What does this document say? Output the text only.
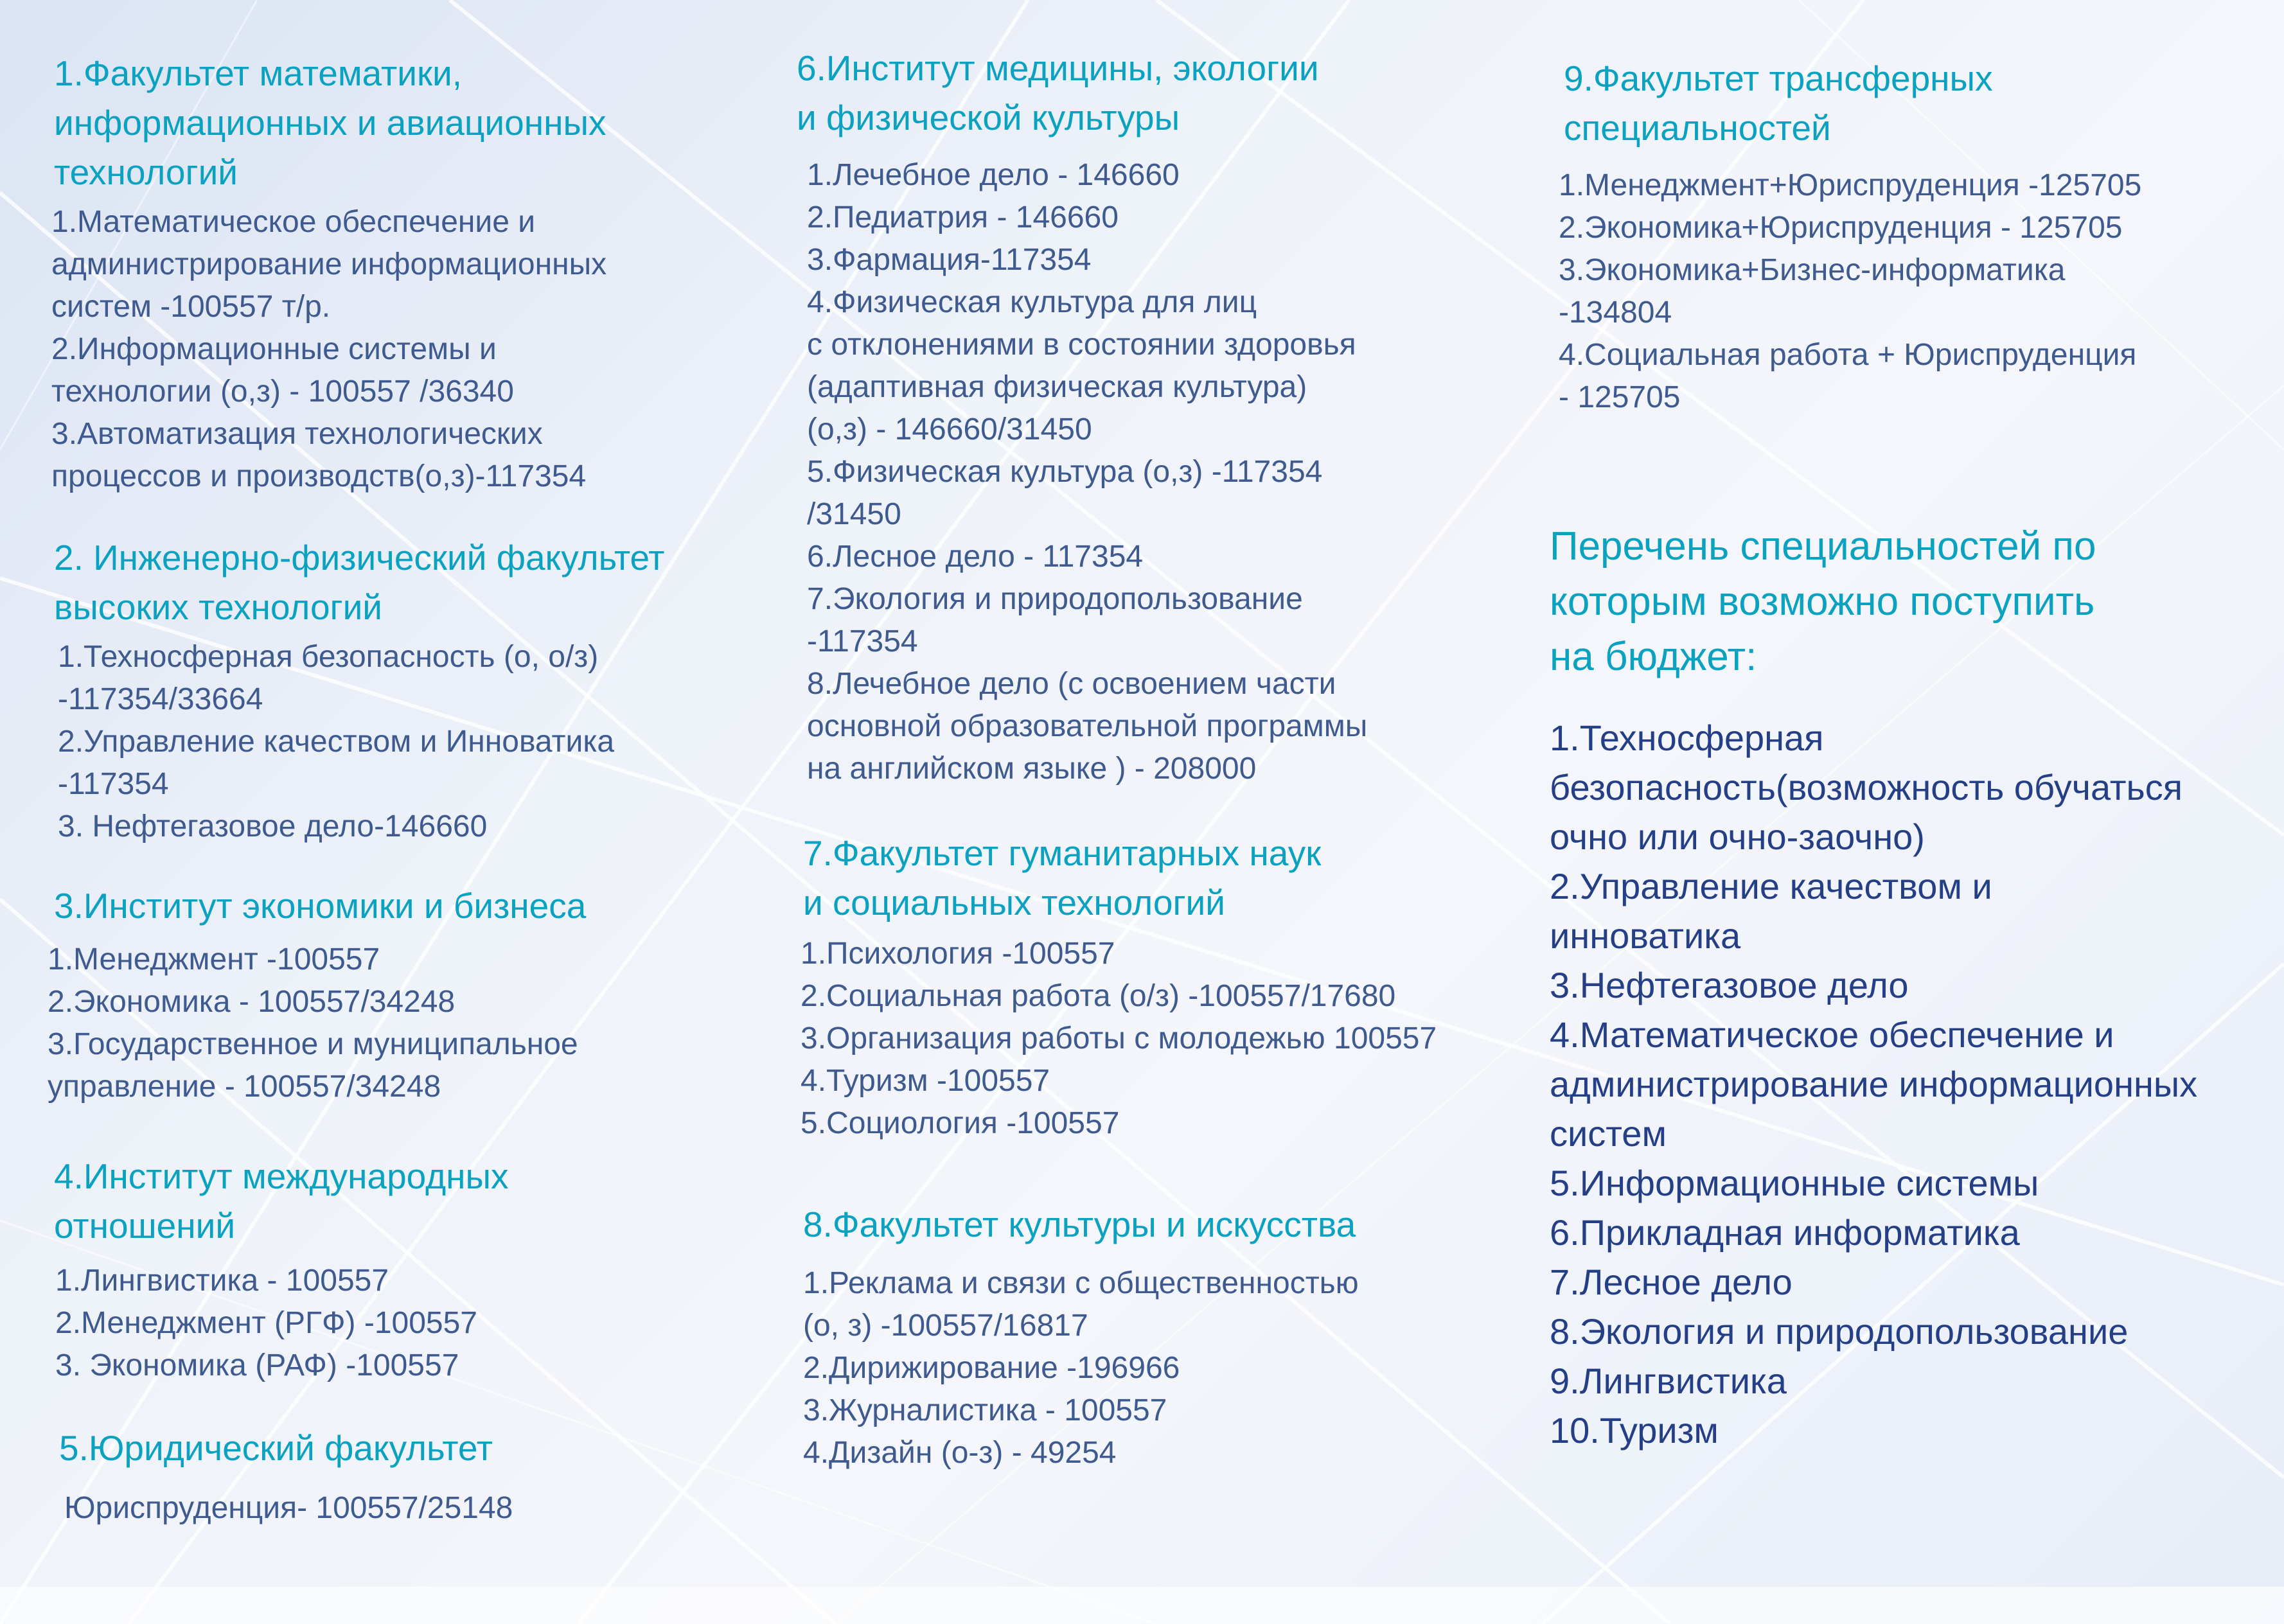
1.Факультет математики,
информационных и авиационных
технологий
1.Математическое обеспечение и
администрирование информационных
систем -100557 т/р.
2.Информационные системы и
технологии (о,з) - 100557 /36340
3.Автоматизация технологических
процессов и производств(о,з)-117354
2. Инженерно-физический факультет
высоких технологий
1.Техносферная безопасность (о, о/з)
-117354/33664
2.Управление качеством и Инноватика
-117354
3. Нефтегазовое дело-146660
3.Институт экономики и бизнеса
1.Менеджмент -100557
2.Экономика - 100557/34248
3.Государственное и муниципальное
управление - 100557/34248
4.Институт международных
отношений
1.Лингвистика - 100557
2.Менеджмент (РГФ) -100557
3. Экономика (РАФ) -100557
5.Юридический факультет
Юриспруденция- 100557/25148
6.Институт медицины, экологии
и физической культуры
1.Лечебное дело - 146660
2.Педиатрия - 146660
3.Фармация-117354
4.Физическая культура для лиц
с отклонениями в состоянии здоровья
(адаптивная физическая культура)
(о,з) - 146660/31450
5.Физическая культура (о,з) -117354
/31450
6.Лесное дело - 117354
7.Экология и природопользование
-117354
8.Лечебное дело (с освоением части
основной образовательной программы
на английском языке ) - 208000
7.Факультет гуманитарных наук
и социальных технологий
1.Психология -100557
2.Социальная работа (о/з) -100557/17680
3.Организация работы с молодежью 100557
4.Туризм -100557
5.Социология -100557
8.Факультет культуры и искусства
1.Реклама и связи с общественностью
(о, з) -100557/16817
2.Дирижирование -196966
3.Журналистика - 100557
4.Дизайн (о-з) - 49254
9.Факультет трансферных
специальностей
1.Менеджмент+Юриспруденция -125705
2.Экономика+Юриспруденция - 125705
3.Экономика+Бизнес-информатика
-134804
4.Социальная работа + Юриспруденция
- 125705
Перечень специальностей по
которым возможно поступить
на бюджет:
1.Техносферная
безопасность(возможность обучаться
очно или очно-заочно)
2.Управление качеством и
инноватика
3.Нефтегазовое дело
4.Математическое обеспечение и
администрирование информационных
систем
5.Информационные системы
6.Прикладная информатика
7.Лесное дело
8.Экология и природопользование
9.Лингвистика
10.Туризм
